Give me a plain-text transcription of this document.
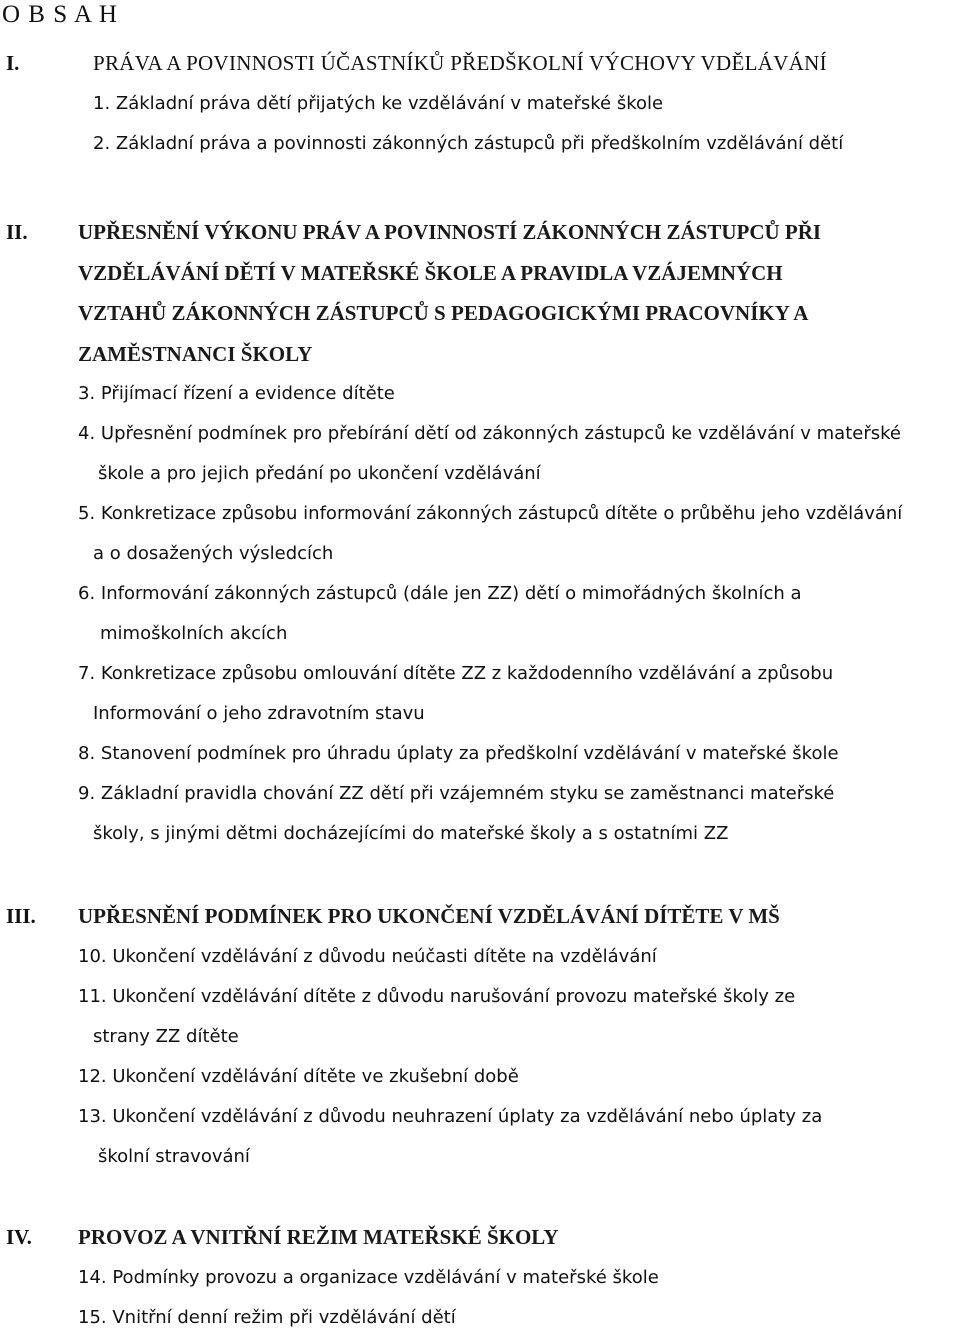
O B S A H
I.	PRÁVA A POVINNOSTI ÚČASTNÍKŮ PŘEDŠKOLNÍ VÝCHOVY VDĚLÁVÁNÍ
1. Základní práva dětí přijatých ke vzdělávání v mateřské škole
2. Základní práva a povinnosti zákonných zástupců při předškolním vzdělávání dětí
II. UPŘESNĚNÍ VÝKONU PRÁV A POVINNOSTÍ ZÁKONNÝCH ZÁSTUPCŮ PŘI
VZDĚLÁVÁNÍ DĚTÍ V MATEŘSKÉ ŠKOLE A PRAVIDLA VZÁJEMNÝCH
VZTAHŮ ZÁKONNÝCH ZÁSTUPCŮ S PEDAGOGICKÝMI PRACOVNÍKY A
ZAMĚSTNANCI ŠKOLY
3. Přijímací řízení a evidence dítěte
4. Upřesnění podmínek pro přebírání dětí od zákonných zástupců ke vzdělávání v mateřské
škole a pro jejich předání po ukončení vzdělávání
5. Konkretizace způsobu informování zákonných zástupců dítěte o průběhu jeho vzdělávání
a o dosažených výsledcích
6. Informování zákonných zástupců (dále jen ZZ) dětí o mimořádných školních a
mimoškolních akcích
7. Konkretizace způsobu omlouvání dítěte ZZ z každodenního vzdělávání a způsobu
Informování o jeho zdravotním stavu
8. Stanovení podmínek pro úhradu úplaty za předškolní vzdělávání v mateřské škole
9. Základní pravidla chování ZZ dětí při vzájemném styku se zaměstnanci mateřské
školy, s jinými dětmi docházejícími do mateřské školy a s ostatními ZZ
III. UPŘESNĚNÍ PODMÍNEK PRO UKONČENÍ VZDĚLÁVÁNÍ DÍTĚTE V MŠ
10. Ukončení vzdělávání z důvodu neúčasti dítěte na vzdělávání
11. Ukončení vzdělávání dítěte z důvodu narušování provozu mateřské školy ze
strany ZZ dítěte
12. Ukončení vzdělávání dítěte ve zkušební době
13. Ukončení vzdělávání z důvodu neuhrazení úplaty za vzdělávání nebo úplaty za
školní stravování
IV. PROVOZ A VNITŘNÍ REŽIM MATEŘSKÉ ŠKOLY
14. Podmínky provozu a organizace vzdělávání v mateřské škole
15. Vnitřní denní režim při vzdělávání dětí
